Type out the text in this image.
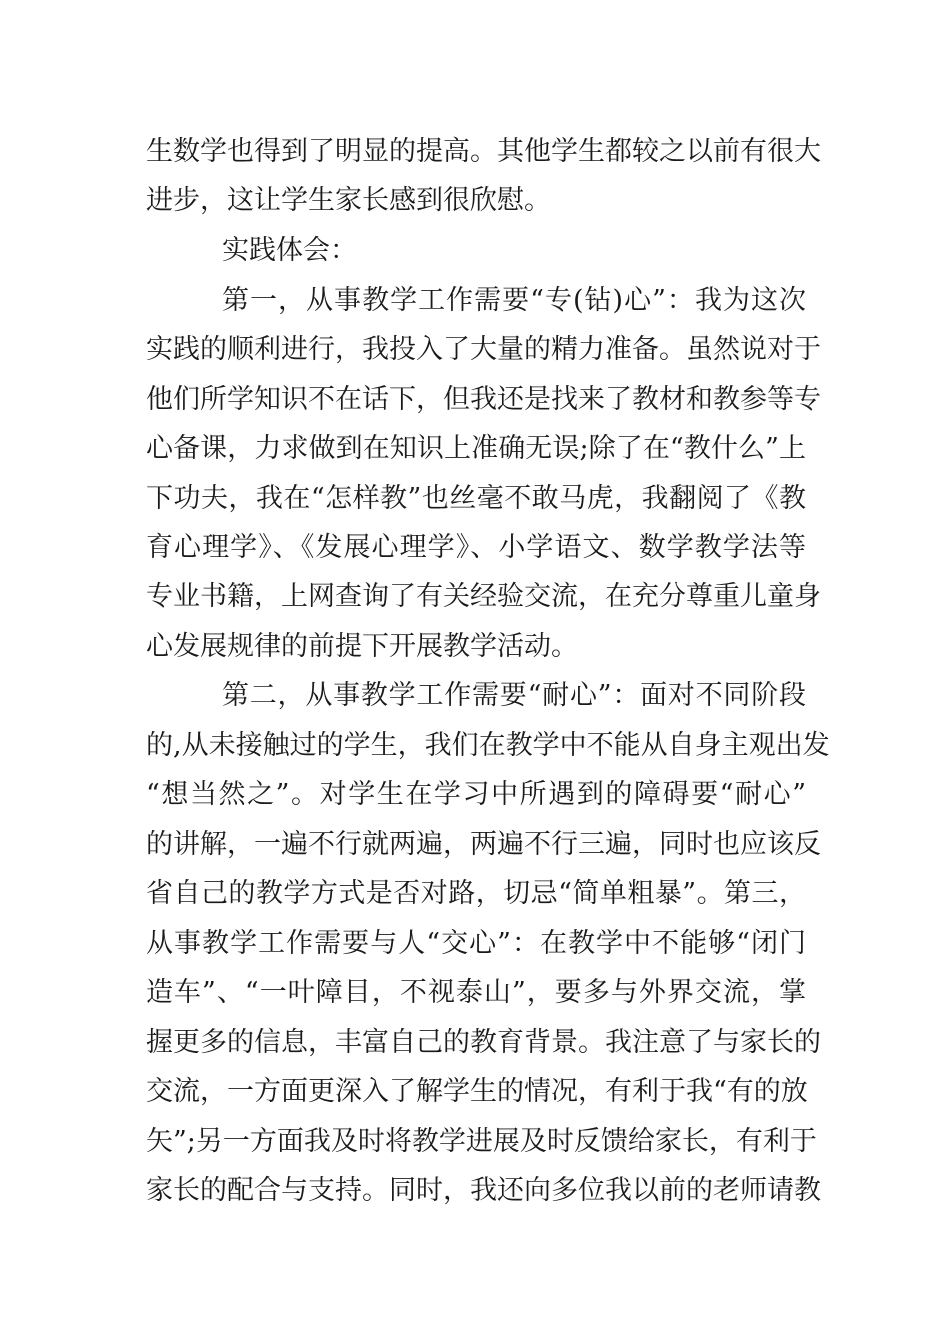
生数学也得到了明显的提高。其他学生都较之以前有很大
进步，这让学生家长感到很欣慰。
实践体会：
第一，从事教学工作需要“专(钻)心”：我为这次
实践的顺利进行，我投入了大量的精力准备。虽然说对于
他们所学知识不在话下，但我还是找来了教材和教参等专
心备课，力求做到在知识上准确无误;除了在“教什么”上
下功夫，我在“怎样教”也丝毫不敢马虎，我翻阅了《教
育心理学》、《发展心理学》、小学语文、数学教学法等
专业书籍，上网查询了有关经验交流，在充分尊重儿童身
心发展规律的前提下开展教学活动。
第二，从事教学工作需要“耐心”：面对不同阶段
的,从未接触过的学生，我们在教学中不能从自身主观出发
“想当然之”。对学生在学习中所遇到的障碍要“耐心”
的讲解，一遍不行就两遍，两遍不行三遍，同时也应该反
省自己的教学方式是否对路，切忌“简单粗暴”。第三，
从事教学工作需要与人“交心”：在教学中不能够“闭门
造车”、“一叶障目，不视泰山”，要多与外界交流，掌
握更多的信息，丰富自己的教育背景。我注意了与家长的
交流，一方面更深入了解学生的情况，有利于我“有的放
矢”;另一方面我及时将教学进展及时反馈给家长，有利于
家长的配合与支持。同时，我还向多位我以前的老师请教
